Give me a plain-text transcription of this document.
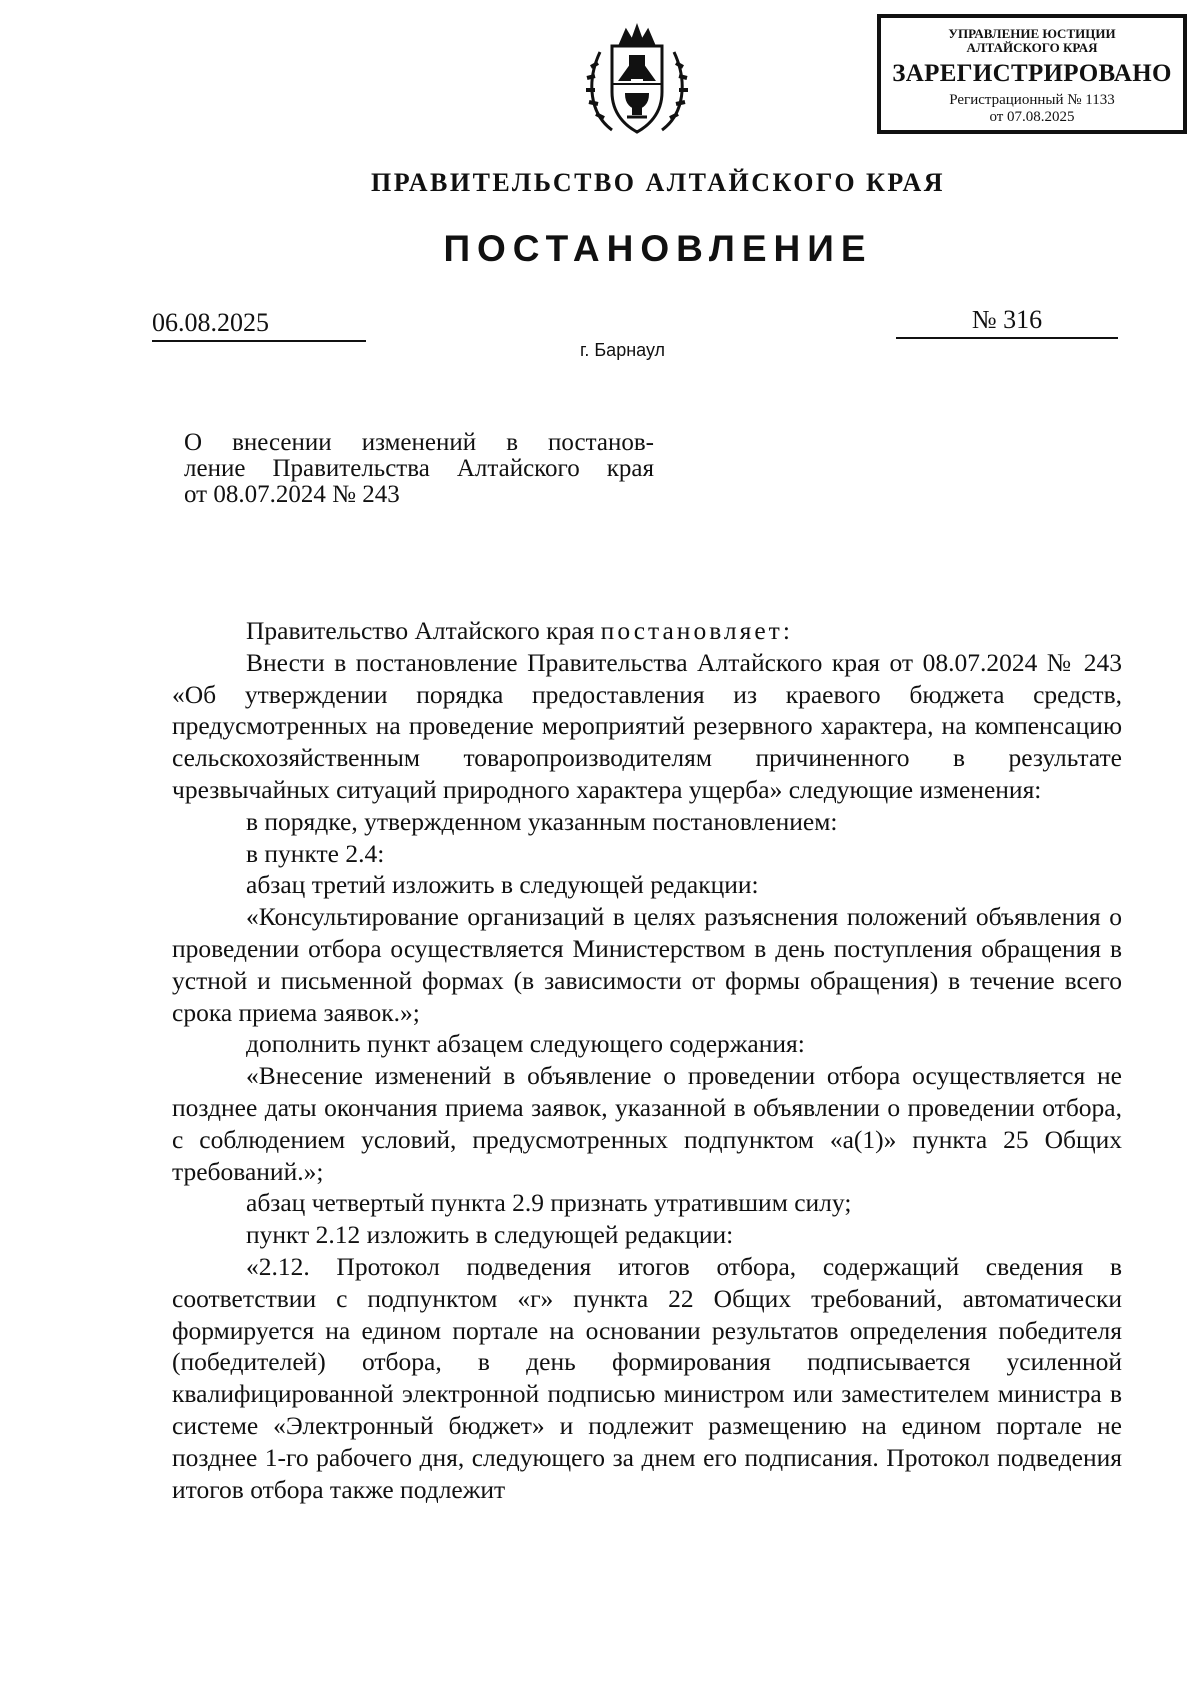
УПРАВЛЕНИЕ ЮСТИЦИИ
АЛТАЙСКОГО КРАЯ
ЗАРЕГИСТРИРОВАНО
Регистрационный № 1133
от 07.08.2025
ПРАВИТЕЛЬСТВО АЛТАЙСКОГО КРАЯ
ПОСТАНОВЛЕНИЕ
06.08.2025	№ 316
г. Барнаул
О внесении изменений в постанов-
ление Правительства Алтайского края
от 08.07.2024 № 243

Правительство Алтайского края постановляет:

Внести в постановление Правительства Алтайского края от 08.07.2024 № 243 «Об утверждении порядка предоставления из краевого бюджета средств, предусмотренных на проведение мероприятий резервного характера, на компенсацию сельскохозяйственным товаропроизводителям причиненного в результате чрезвычайных ситуаций природного характера ущерба» следующие изменения:

в порядке, утвержденном указанным постановлением:

в пункте 2.4:

абзац третий изложить в следующей редакции:

«Консультирование организаций в целях разъяснения положений объявления о проведении отбора осуществляется Министерством в день поступления обращения в устной и письменной формах (в зависимости от формы обращения) в течение всего срока приема заявок.»;

дополнить пункт абзацем следующего содержания:

«Внесение изменений в объявление о проведении отбора осуществляется не позднее даты окончания приема заявок, указанной в объявлении о проведении отбора, с соблюдением условий, предусмотренных подпунктом «а(1)» пункта 25 Общих требований.»;

абзац четвертый пункта 2.9 признать утратившим силу;

пункт 2.12 изложить в следующей редакции:

«2.12. Протокол подведения итогов отбора, содержащий сведения в соответствии с подпунктом «г» пункта 22 Общих требований, автоматически формируется на едином портале на основании результатов определения победителя (победителей) отбора, в день формирования подписывается усиленной квалифицированной электронной подписью министром или заместителем министра в системе «Электронный бюджет» и подлежит размещению на едином портале не позднее 1-го рабочего дня, следующего за днем его подписания. Протокол подведения итогов отбора также подлежит
